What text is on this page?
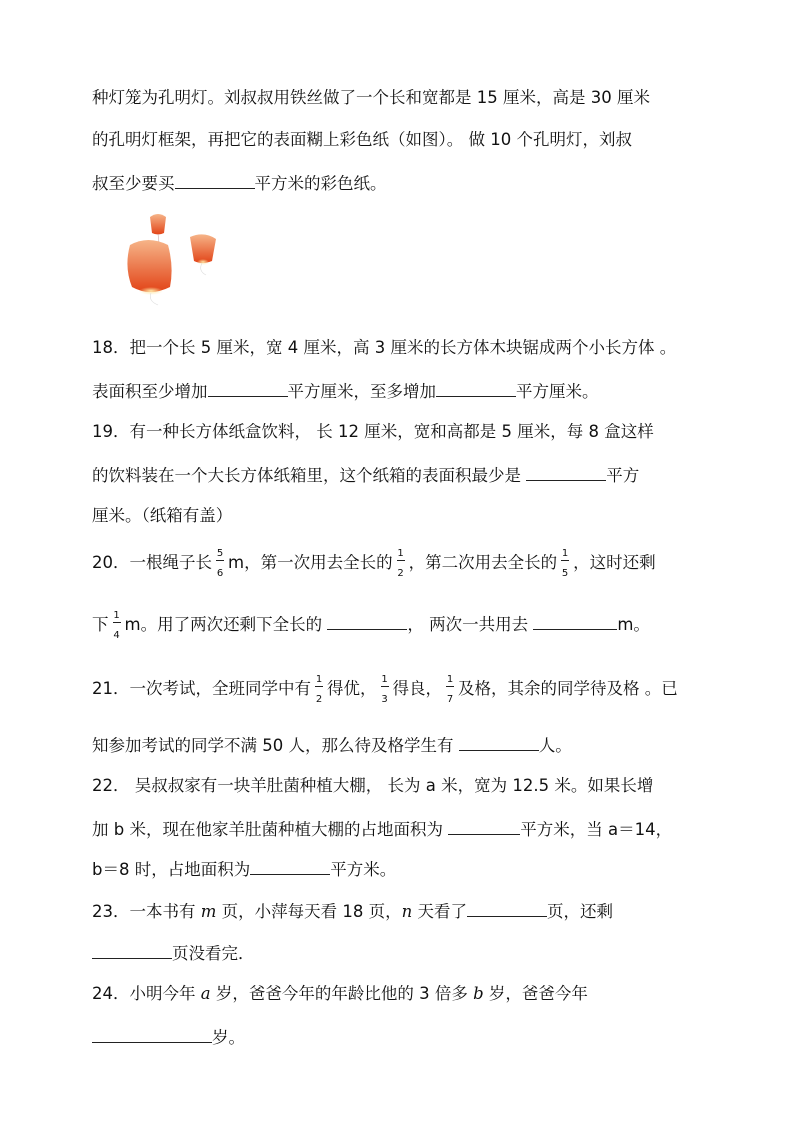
种灯笼为孔明灯。刘叔叔用铁丝做了一个长和宽都是 15 厘米，高是 30 厘米
的孔明灯框架，再把它的表面糊上彩色纸（如图）。 做 10 个孔明灯，刘叔
叔至少要买	平方米的彩色纸。
18．把一个长 5 厘米，宽 4 厘米，高 3 厘米的长方体木块锯成两个小长方体 。
表面积至少增加	平方厘米，至多增加	平方厘米。
19．有一种长方体纸盒饮料， 长 12 厘米，宽和高都是 5 厘米，每 8 盒这样
的饮料装在一个大长方体纸箱里，这个纸箱的表面积最少是	平方
厘米。（纸箱有盖）
20．一根绳子长 $\frac{5}{6}$ m，第一次用去全长的 $\frac{1}{2}$ ，第二次用去全长的 $\frac{1}{5}$ ，这时还剩
下 $\frac{1}{4}$ m。用了两次还剩下全长的	， 两次一共用去	m。
21．一次考试，全班同学中有 $\frac{1}{2}$ 得优， $\frac{1}{3}$ 得良， $\frac{1}{7}$ 及格，其余的同学待及格 。已
知参加考试的同学不满 50 人，那么待及格学生有	人。
22． 吴叔叔家有一块羊肚菌种植大棚， 长为 a 米，宽为 12.5 米。如果长增
加 b 米，现在他家羊肚菌种植大棚的占地面积为	平方米，当 a＝14，
b＝8 时，占地面积为	平方米。
23．一本书有 m 页，小萍每天看 18 页，n 天看了	页，还剩
页没看完．
24．小明今年 a 岁，爸爸今年的年龄比他的 3 倍多 b 岁，爸爸今年
岁。
